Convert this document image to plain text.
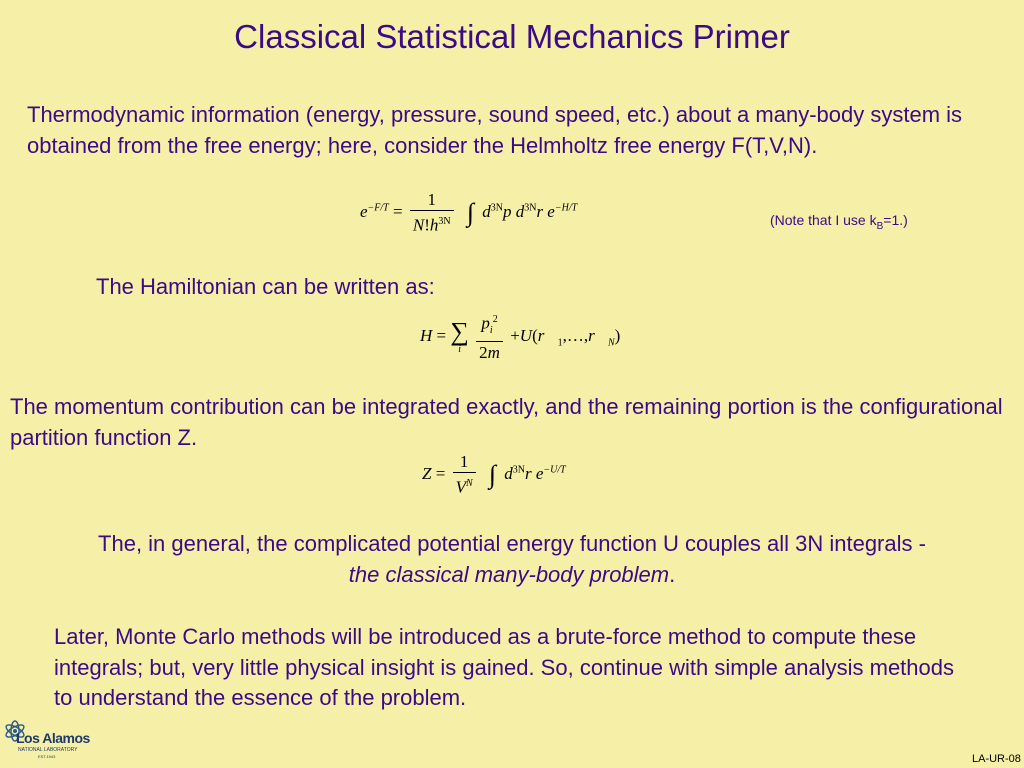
Classical Statistical Mechanics Primer
Thermodynamic information (energy, pressure, sound speed, etc.) about a many-body system is obtained from the free energy; here, consider the Helmholtz free energy F(T,V,N).
$e^{-F/T} = \frac{1}{N!h^{3N}}$ ∫ $d^{3N}p$ $d^{3N}r$ $e^{-H/T}$
(Note that I use $k_B=1$.)
The Hamiltonian can be written as:
H = ∑
i
$\frac{p_i^2}{2m}$ $+U(r⃗_1,\dots,r⃗_N)$
The momentum contribution can be integrated exactly, and the remaining portion is the configurational partition function Z.
$Z = \frac{1}{V^N}$ ∫ $d^{3N}r$ $e^{-U/T}$
The, in general, the complicated potential energy function U couples all 3N integrals -
the classical many-body problem.
Later, Monte Carlo methods will be introduced as a brute-force method to compute these integrals; but, very little physical insight is gained. So, continue with simple analysis methods to understand the essence of the problem.
Los Alamos
NATIONAL LABORATORY
EST.1943	LA-UR-08
